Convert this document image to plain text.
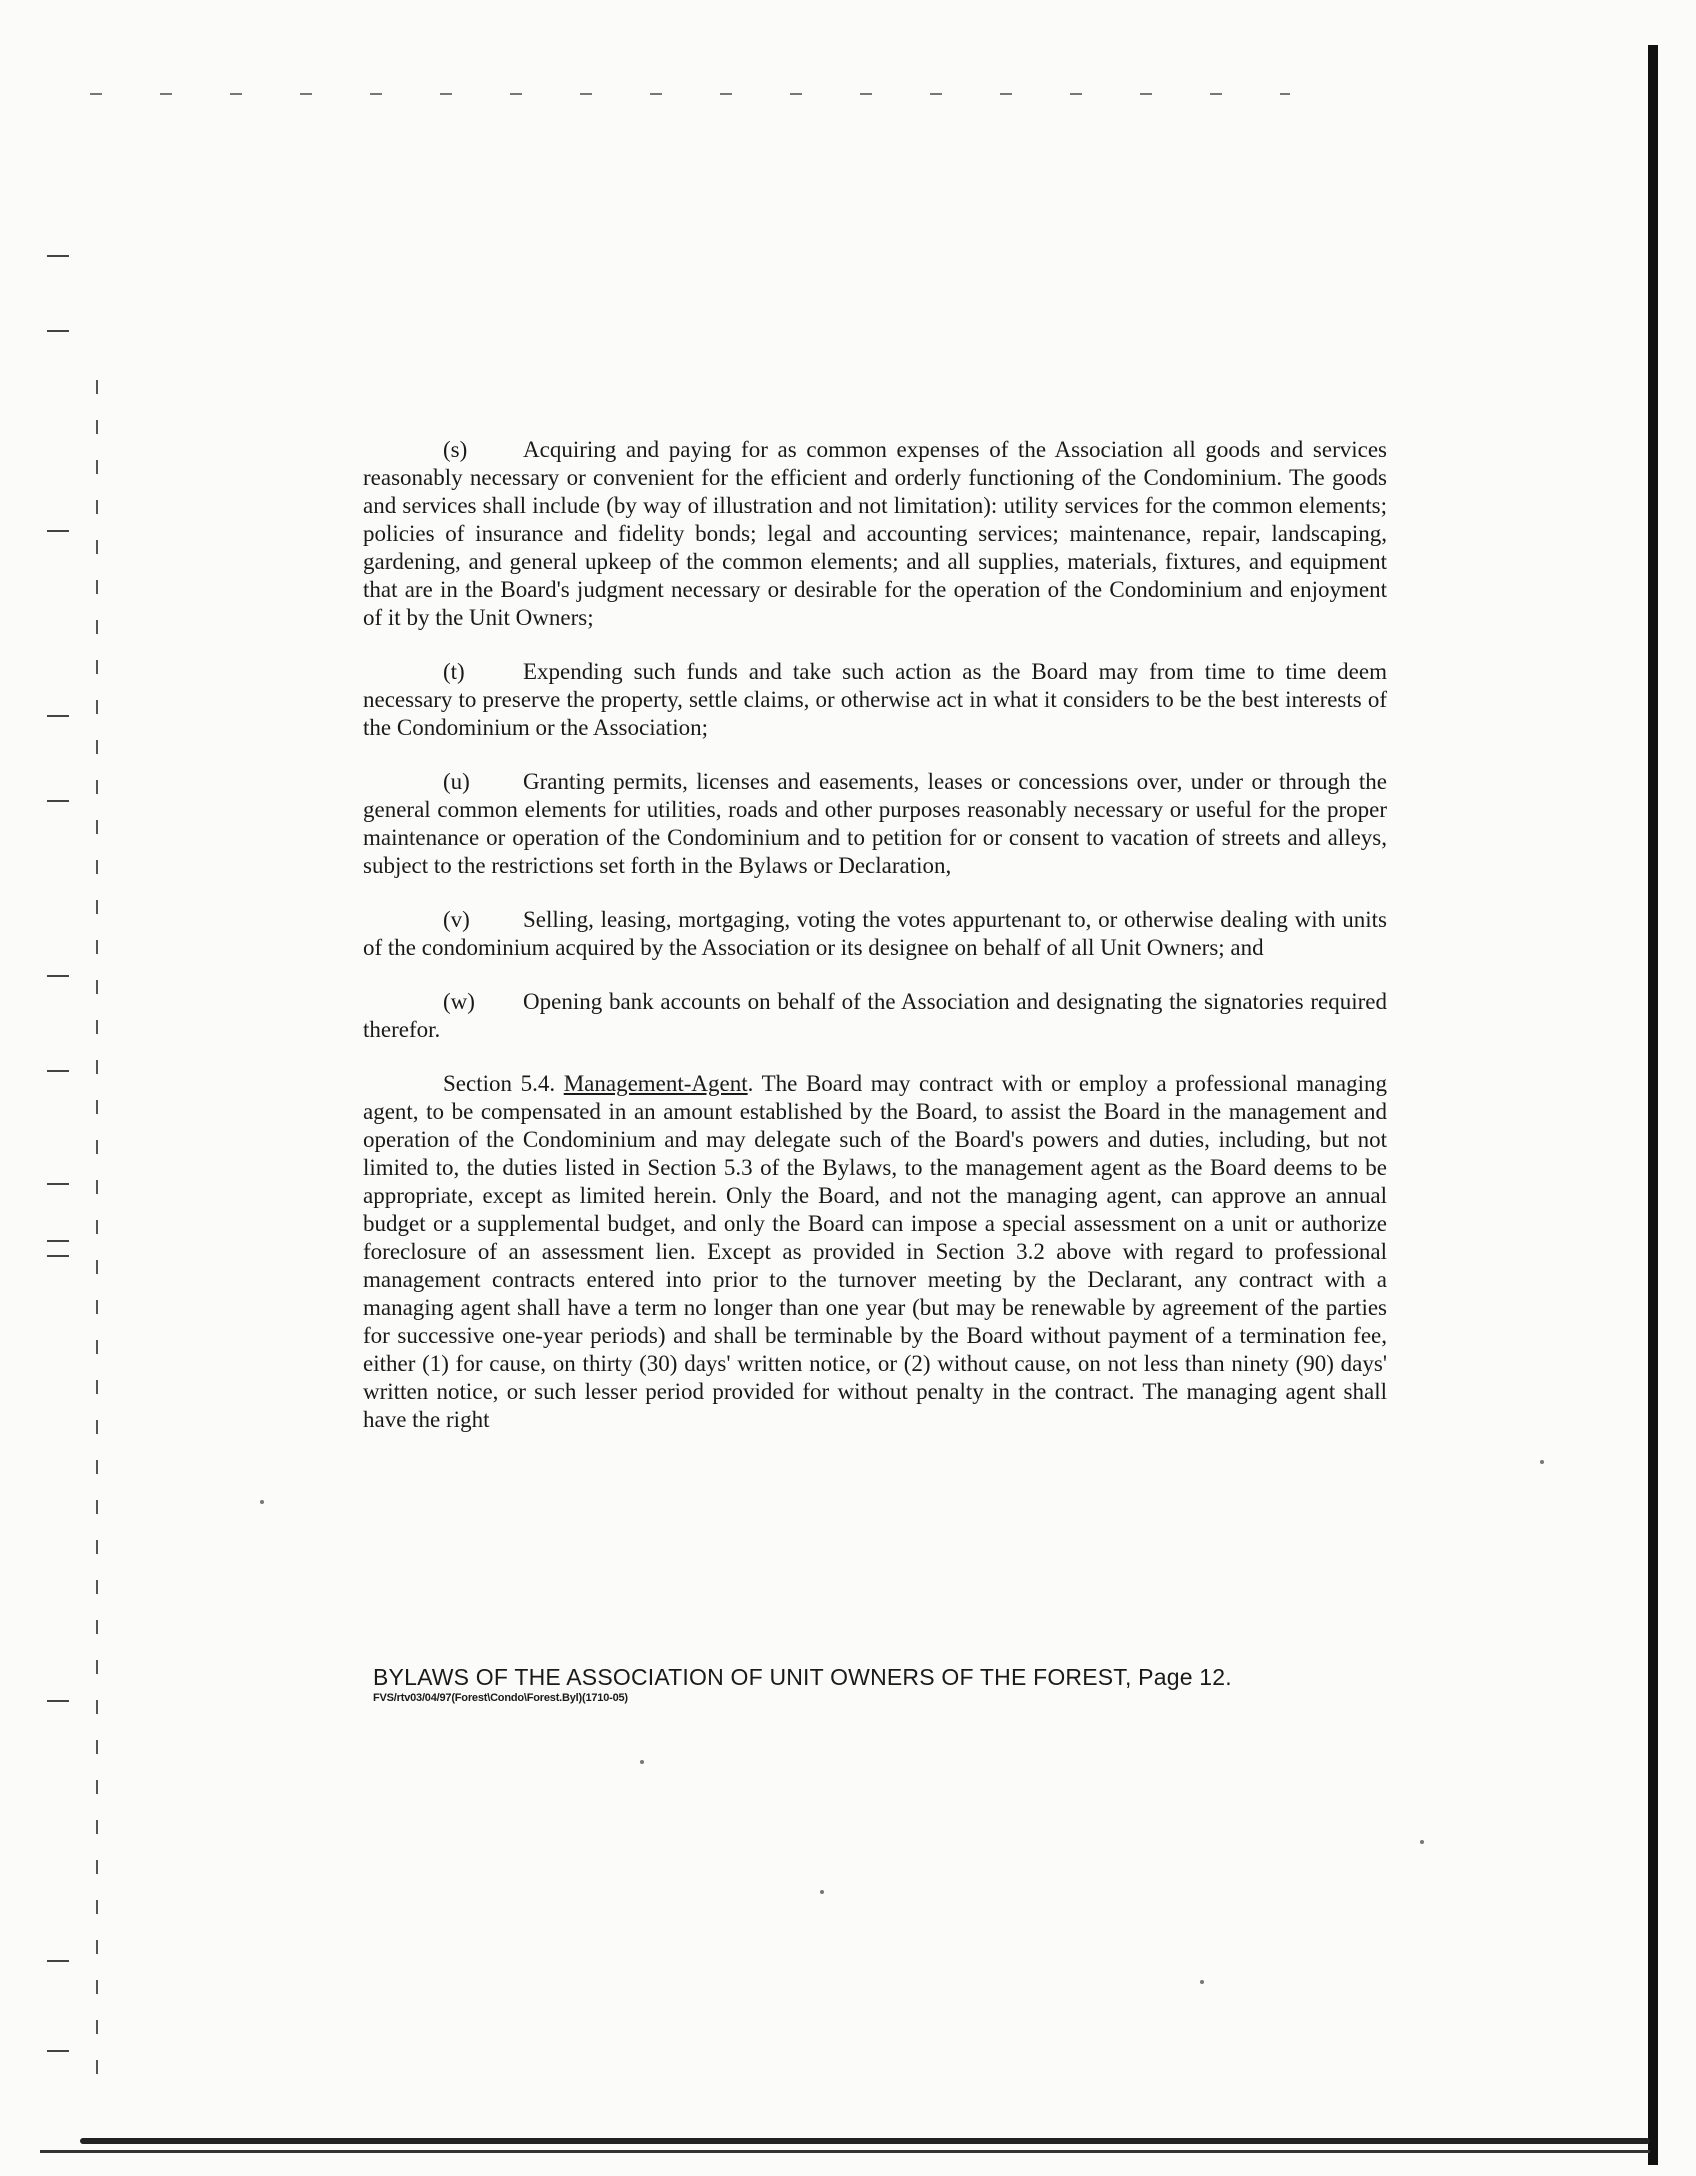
(s) Acquiring and paying for as common expenses of the Association all goods and services reasonably necessary or convenient for the efficient and orderly functioning of the Condominium. The goods and services shall include (by way of illustration and not limitation): utility services for the common elements; policies of insurance and fidelity bonds; legal and accounting services; maintenance, repair, landscaping, gardening, and general upkeep of the common elements; and all supplies, materials, fixtures, and equipment that are in the Board's judgment necessary or desirable for the operation of the Condominium and enjoyment of it by the Unit Owners;

(t)	Expending such funds and take such action as the Board may from time to time deem necessary to preserve the property, settle claims, or otherwise act in what it considers to be the best interests of the Condominium or the Association;

(u) Granting permits, licenses and easements, leases or concessions over, under or through the general common elements for utilities, roads and other purposes reasonably necessary or useful for the proper maintenance or operation of the Condominium and to petition for or consent to vacation of streets and alleys, subject to the restrictions set forth in the Bylaws or Declaration,

(v) Selling, leasing, mortgaging, voting the votes appurtenant to, or otherwise dealing with units of the condominium acquired by the Association or its designee on behalf of all Unit Owners; and

(w) Opening bank accounts on behalf of the Association and designating the signatories required therefor.

Section 5.4. Management-Agent. The Board may contract with or employ a professional managing agent, to be compensated in an amount established by the Board, to assist the Board in the management and operation of the Condominium and may delegate such of the Board's powers and duties, including, but not limited to, the duties listed in Section 5.3 of the Bylaws, to the management agent as the Board deems to be appropriate, except as limited herein. Only the Board, and not the managing agent, can approve an annual budget or a supplemental budget, and only the Board can impose a special assessment on a unit or authorize foreclosure of an assessment lien. Except as provided in Section 3.2 above with regard to professional management contracts entered into prior to the turnover meeting by the Declarant, any contract with a managing agent shall have a term no longer than one year (but may be renewable by agreement of the parties for successive one-year periods) and shall be terminable by the Board without payment of a termination fee, either (1) for cause, on thirty (30) days' written notice, or (2) without cause, on not less than ninety (90) days' written notice, or such lesser period provided for without penalty in the contract. The managing agent shall have the right

BYLAWS OF THE ASSOCIATION OF UNIT OWNERS OF THE FOREST, Page 12.
FVS/rtv03/04/97(Forest\Condo\Forest.Byl)(1710-05)
